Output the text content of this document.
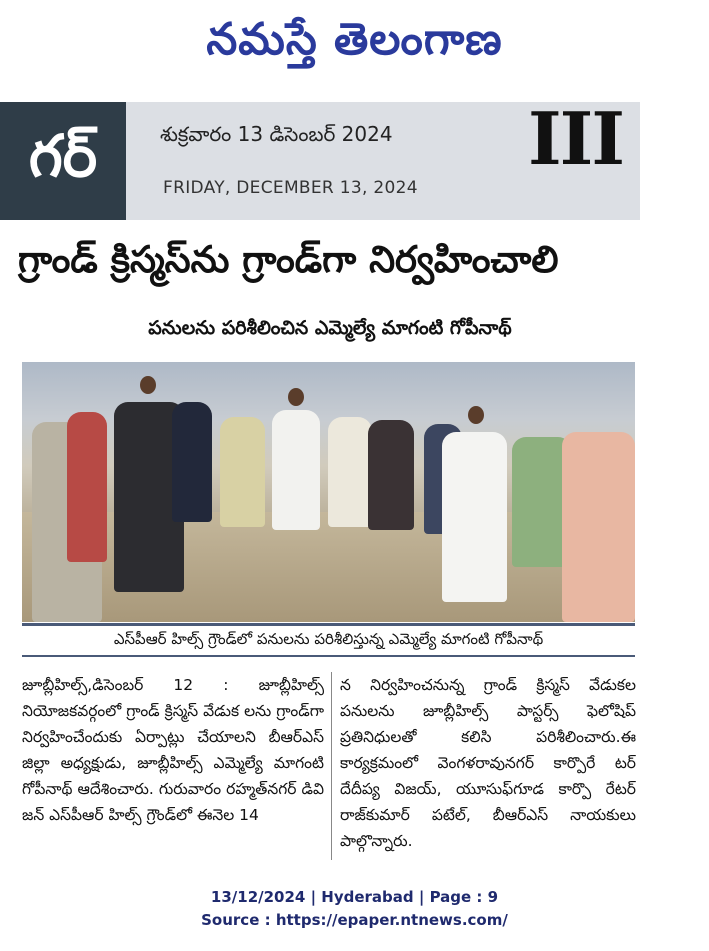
నమస్తే తెలంగాణ
గర్	శుక్రవారం 13 డిసెంబర్ 2024
FRIDAY, DECEMBER 13, 2024
III
గ్రాండ్ క్రిస్మస్‌ను గ్రాండ్‌గా నిర్వహించాలి
పనులను పరిశీలించిన ఎమ్మెల్యే మాగంటి గోపీనాథ్
ఎస్‌పీఆర్ హిల్స్ గ్రౌండ్‌లో పనులను పరిశీలిస్తున్న ఎమ్మెల్యే మాగంటి గోపీనాథ్
జూబ్లీహిల్స్,డిసెంబర్ 12 : జూబ్లీహిల్స్ నియోజకవర్గంలో గ్రాండ్ క్రిస్మస్ వేడుక లను గ్రాండ్‌గా నిర్వహించేందుకు ఏర్పాట్లు చేయాలని బీఆర్‌ఎస్ జిల్లా అధ్యక్షుడు, జూబ్లీహిల్స్ ఎమ్మెల్యే మాగంటి గోపీనాథ్ ఆదేశించారు. గురువారం రహ్మత్‌నగర్ డివి జన్ ఎస్‌పీఆర్ హిల్స్ గ్రౌండ్‌లో ఈనెల 14
న నిర్వహించనున్న గ్రాండ్ క్రిస్మస్ వేడుకల పనులను జూబ్లీహిల్స్ పాస్టర్స్ ఫెలోషిప్ ప్రతినిధులతో కలిసి పరిశీలించారు.ఈ కార్యక్రమంలో వెంగళరావునగర్ కార్పొరే టర్ దేదీప్య విజయ్, యూసుఫ్‌గూడ కార్పొ రేటర్ రాజ్‌కుమార్ పటేల్, బీఆర్‌ఎస్ నాయకులు పాల్గొన్నారు.
13/12/2024 | Hyderabad | Page : 9
Source : https://epaper.ntnews.com/
